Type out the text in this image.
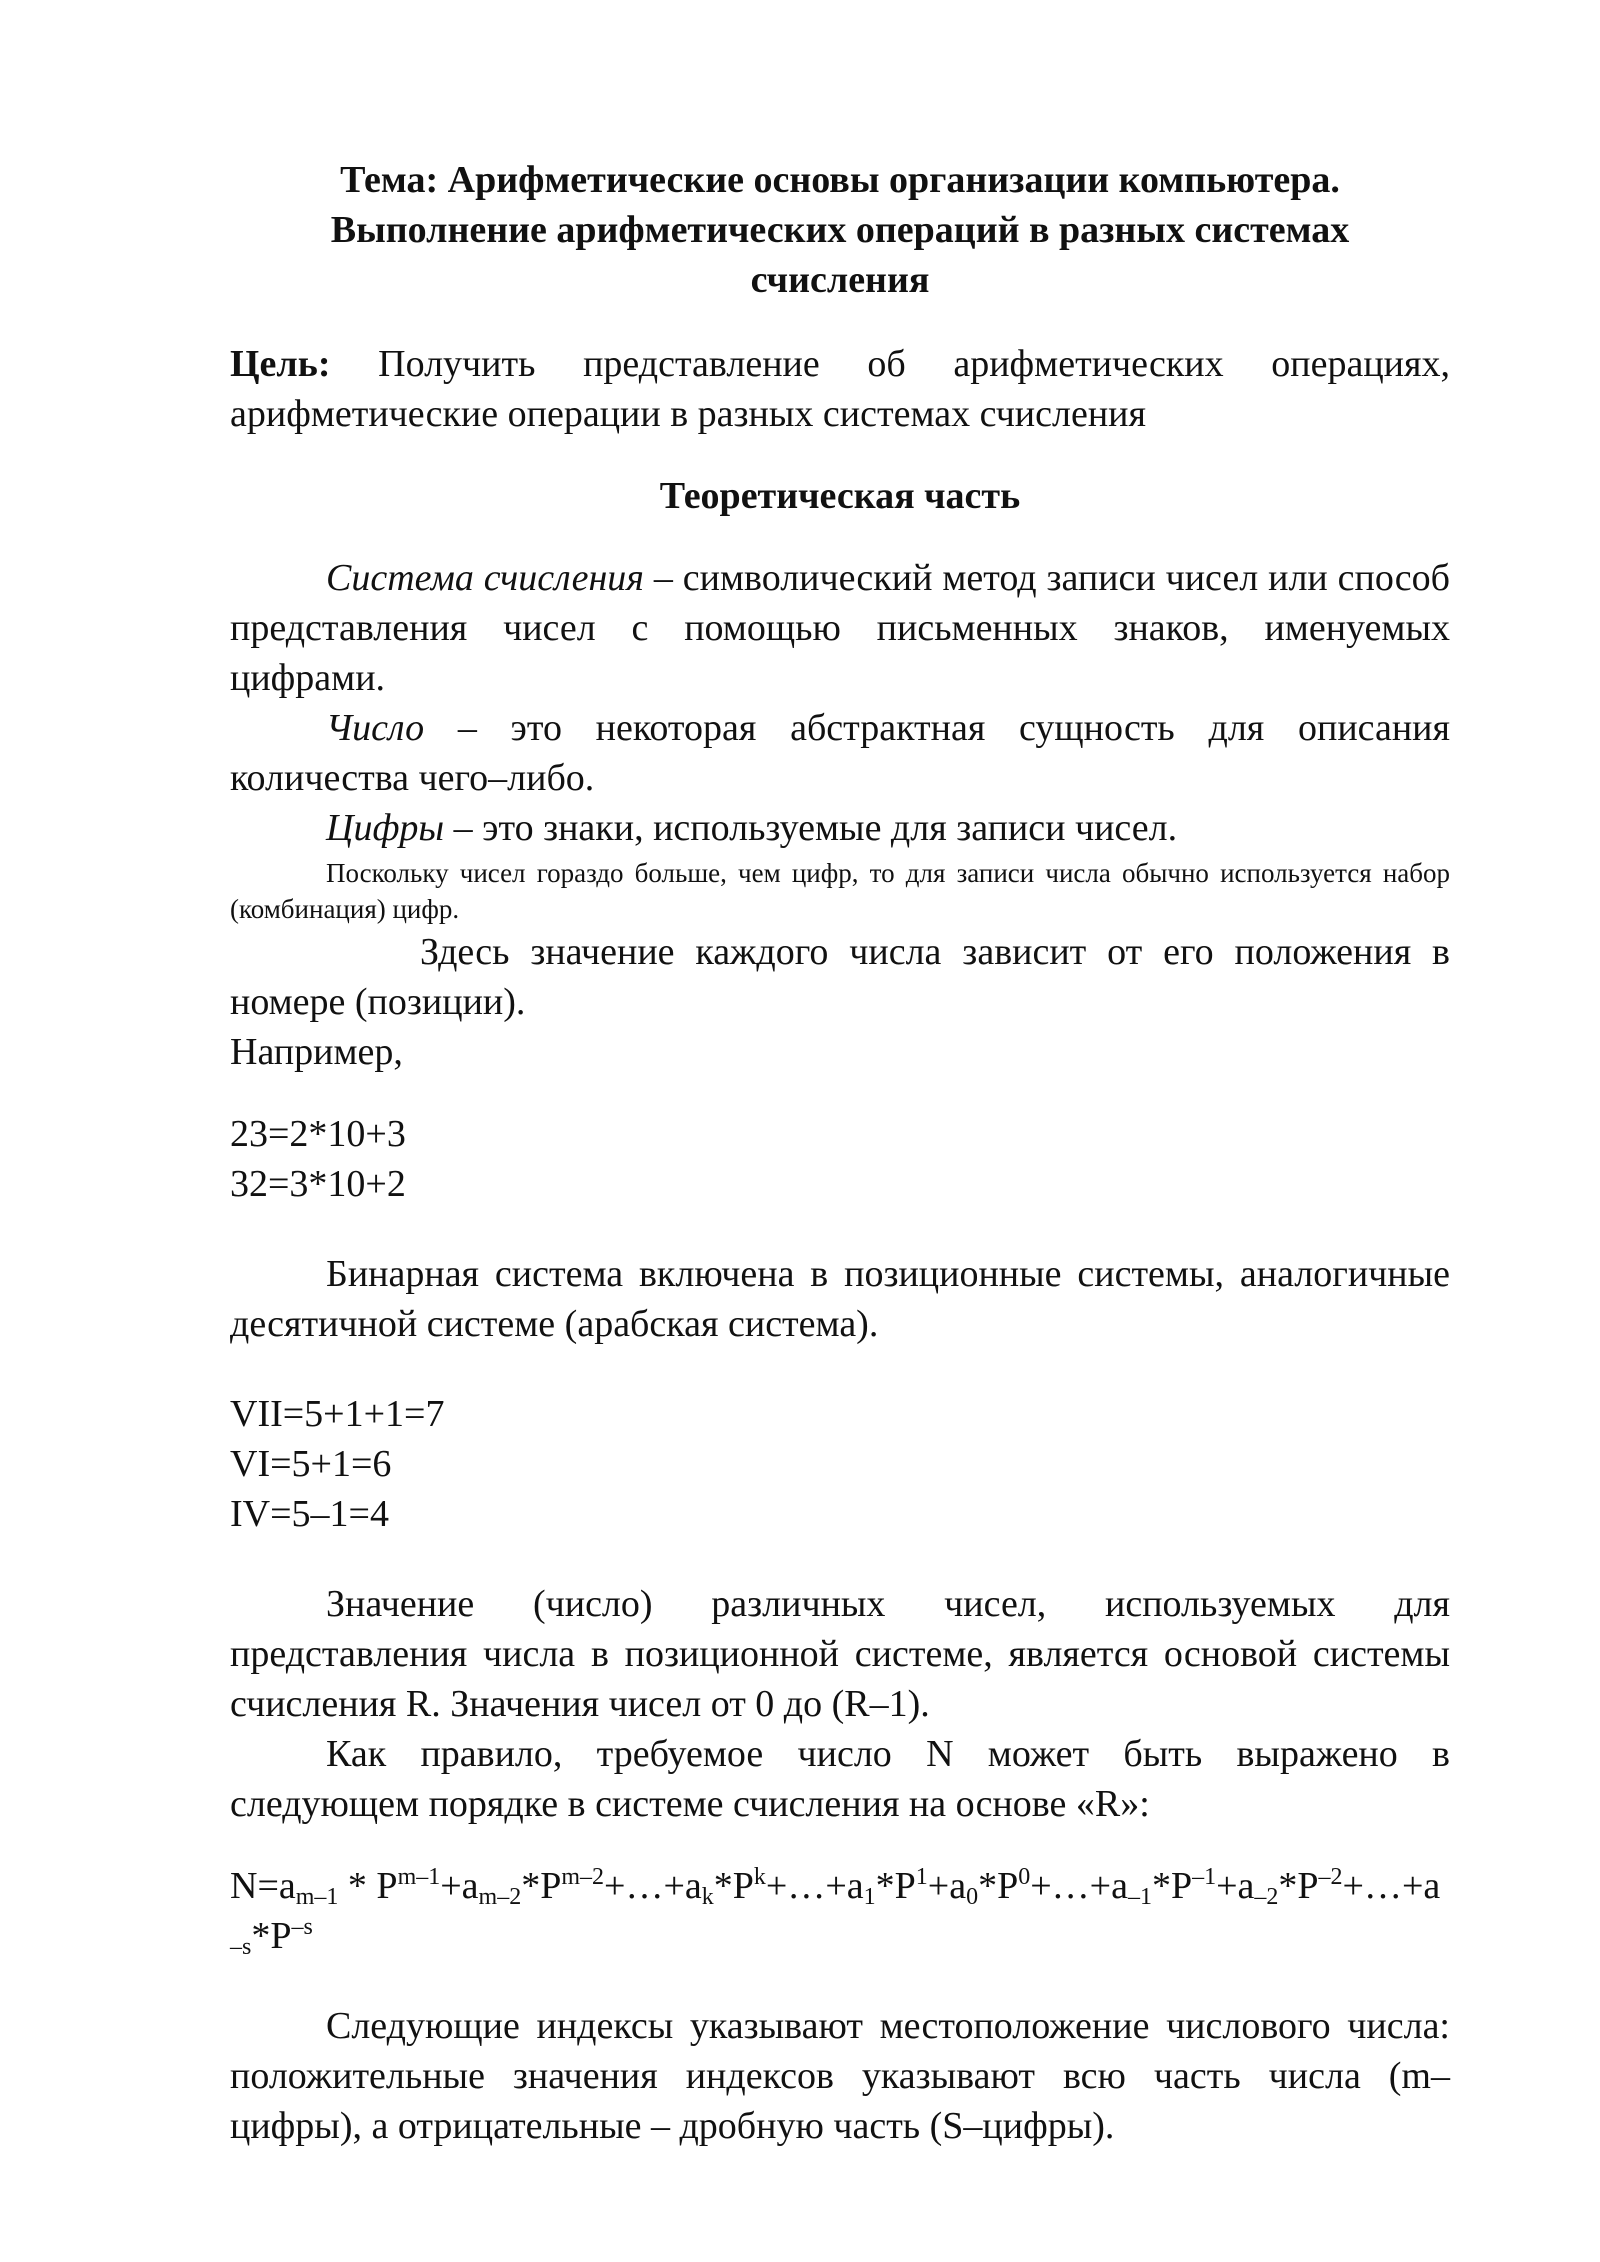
Тема: Арифметические основы организации компьютера.
Выполнение арифметических операций в разных системах
счисления

Цель: Получить представление об арифметических операциях, арифметические операции в разных системах счисления

Теоретическая часть

Система счисления – символический метод записи чисел или способ представления чисел с помощью письменных знаков, именуемых цифрами.

Число – это некоторая абстрактная сущность для описания количества чего–либо.

Цифры – это знаки, используемые для записи чисел.

Поскольку чисел гораздо больше, чем цифр, то для записи числа обычно используется набор (комбинация) цифр.

Здесь значение каждого числа зависит от его положения в номере (позиции).

Например,

23=2*10+3

32=3*10+2

Бинарная система включена в позиционные системы, аналогичные десятичной системе (арабская система).

VII=5+1+1=7

VI=5+1=6

IV=5–1=4

Значение (число) различных чисел, используемых для представления числа в позиционной системе, является основой системы счисления R. Значения чисел от 0 до (R–1).

Как правило, требуемое число N может быть выражено в следующем порядке в системе счисления на основе «R»:

$N=a_{m-1}$ * $P^{m-1}+a_{m-2}*P^{m-2}+\dots+a_k*P^k+\dots+a_1*P^1+a_0*P^0+\dots+a_{-1}*P^{-1}+a_{-2}*P^{-2}+\dots+a_{-s}*P^{-s}$

Следующие индексы указывают местоположение числового числа: положительные значения индексов указывают всю часть числа (m–цифры), а отрицательные – дробную часть (S–цифры).
